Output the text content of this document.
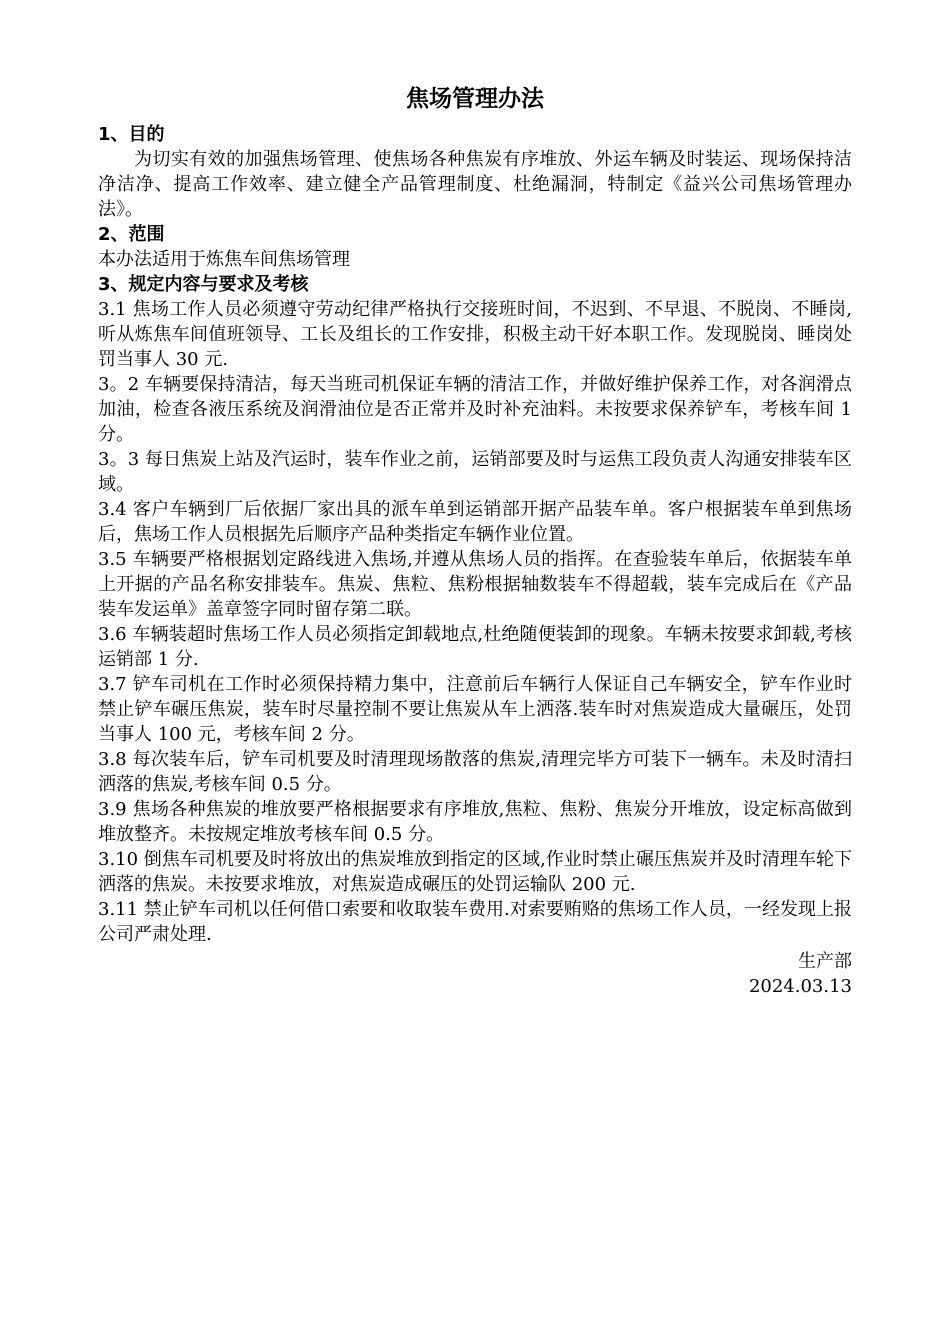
焦场管理办法
1、目的

为切实有效的加强焦场管理、使焦场各种焦炭有序堆放、外运车辆及时装运、现场保持洁净洁净、提高工作效率、建立健全产品管理制度、杜绝漏洞，特制定《益兴公司焦场管理办法》。

2、范围

本办法适用于炼焦车间焦场管理

3、规定内容与要求及考核

3.1 焦场工作人员必须遵守劳动纪律严格执行交接班时间，不迟到、不早退、不脱岗、不睡岗,听从炼焦车间值班领导、工长及组长的工作安排，积极主动干好本职工作。发现脱岗、睡岗处罚当事人 30 元.

3。2 车辆要保持清洁，每天当班司机保证车辆的清洁工作，并做好维护保养工作，对各润滑点加油，检查各液压系统及润滑油位是否正常并及时补充油料。未按要求保养铲车，考核车间 1 分。

3。3 每日焦炭上站及汽运时，装车作业之前，运销部要及时与运焦工段负责人沟通安排装车区域。

3.4 客户车辆到厂后依据厂家出具的派车单到运销部开据产品装车单。客户根据装车单到焦场后，焦场工作人员根据先后顺序产品种类指定车辆作业位置。

3.5 车辆要严格根据划定路线进入焦场,并遵从焦场人员的指挥。在查验装车单后，依据装车单上开据的产品名称安排装车。焦炭、焦粒、焦粉根据轴数装车不得超载，装车完成后在《产品装车发运单》盖章签字同时留存第二联。

3.6 车辆装超时焦场工作人员必须指定卸载地点,杜绝随便装卸的现象。车辆未按要求卸载,考核运销部 1 分.

3.7 铲车司机在工作时必须保持精力集中，注意前后车辆行人保证自己车辆安全，铲车作业时禁止铲车碾压焦炭，装车时尽量控制不要让焦炭从车上洒落.装车时对焦炭造成大量碾压，处罚当事人 100 元，考核车间 2 分。

3.8 每次装车后，铲车司机要及时清理现场散落的焦炭,清理完毕方可装下一辆车。未及时清扫洒落的焦炭,考核车间 0.5 分。

3.9 焦场各种焦炭的堆放要严格根据要求有序堆放,焦粒、焦粉、焦炭分开堆放，设定标高做到堆放整齐。未按规定堆放考核车间 0.5 分。

3.10 倒焦车司机要及时将放出的焦炭堆放到指定的区域,作业时禁止碾压焦炭并及时清理车轮下洒落的焦炭。未按要求堆放，对焦炭造成碾压的处罚运输队 200 元.

3.11 禁止铲车司机以任何借口索要和收取装车费用.对索要贿赂的焦场工作人员，一经发现上报公司严肃处理.

生产部

2024.03.13
